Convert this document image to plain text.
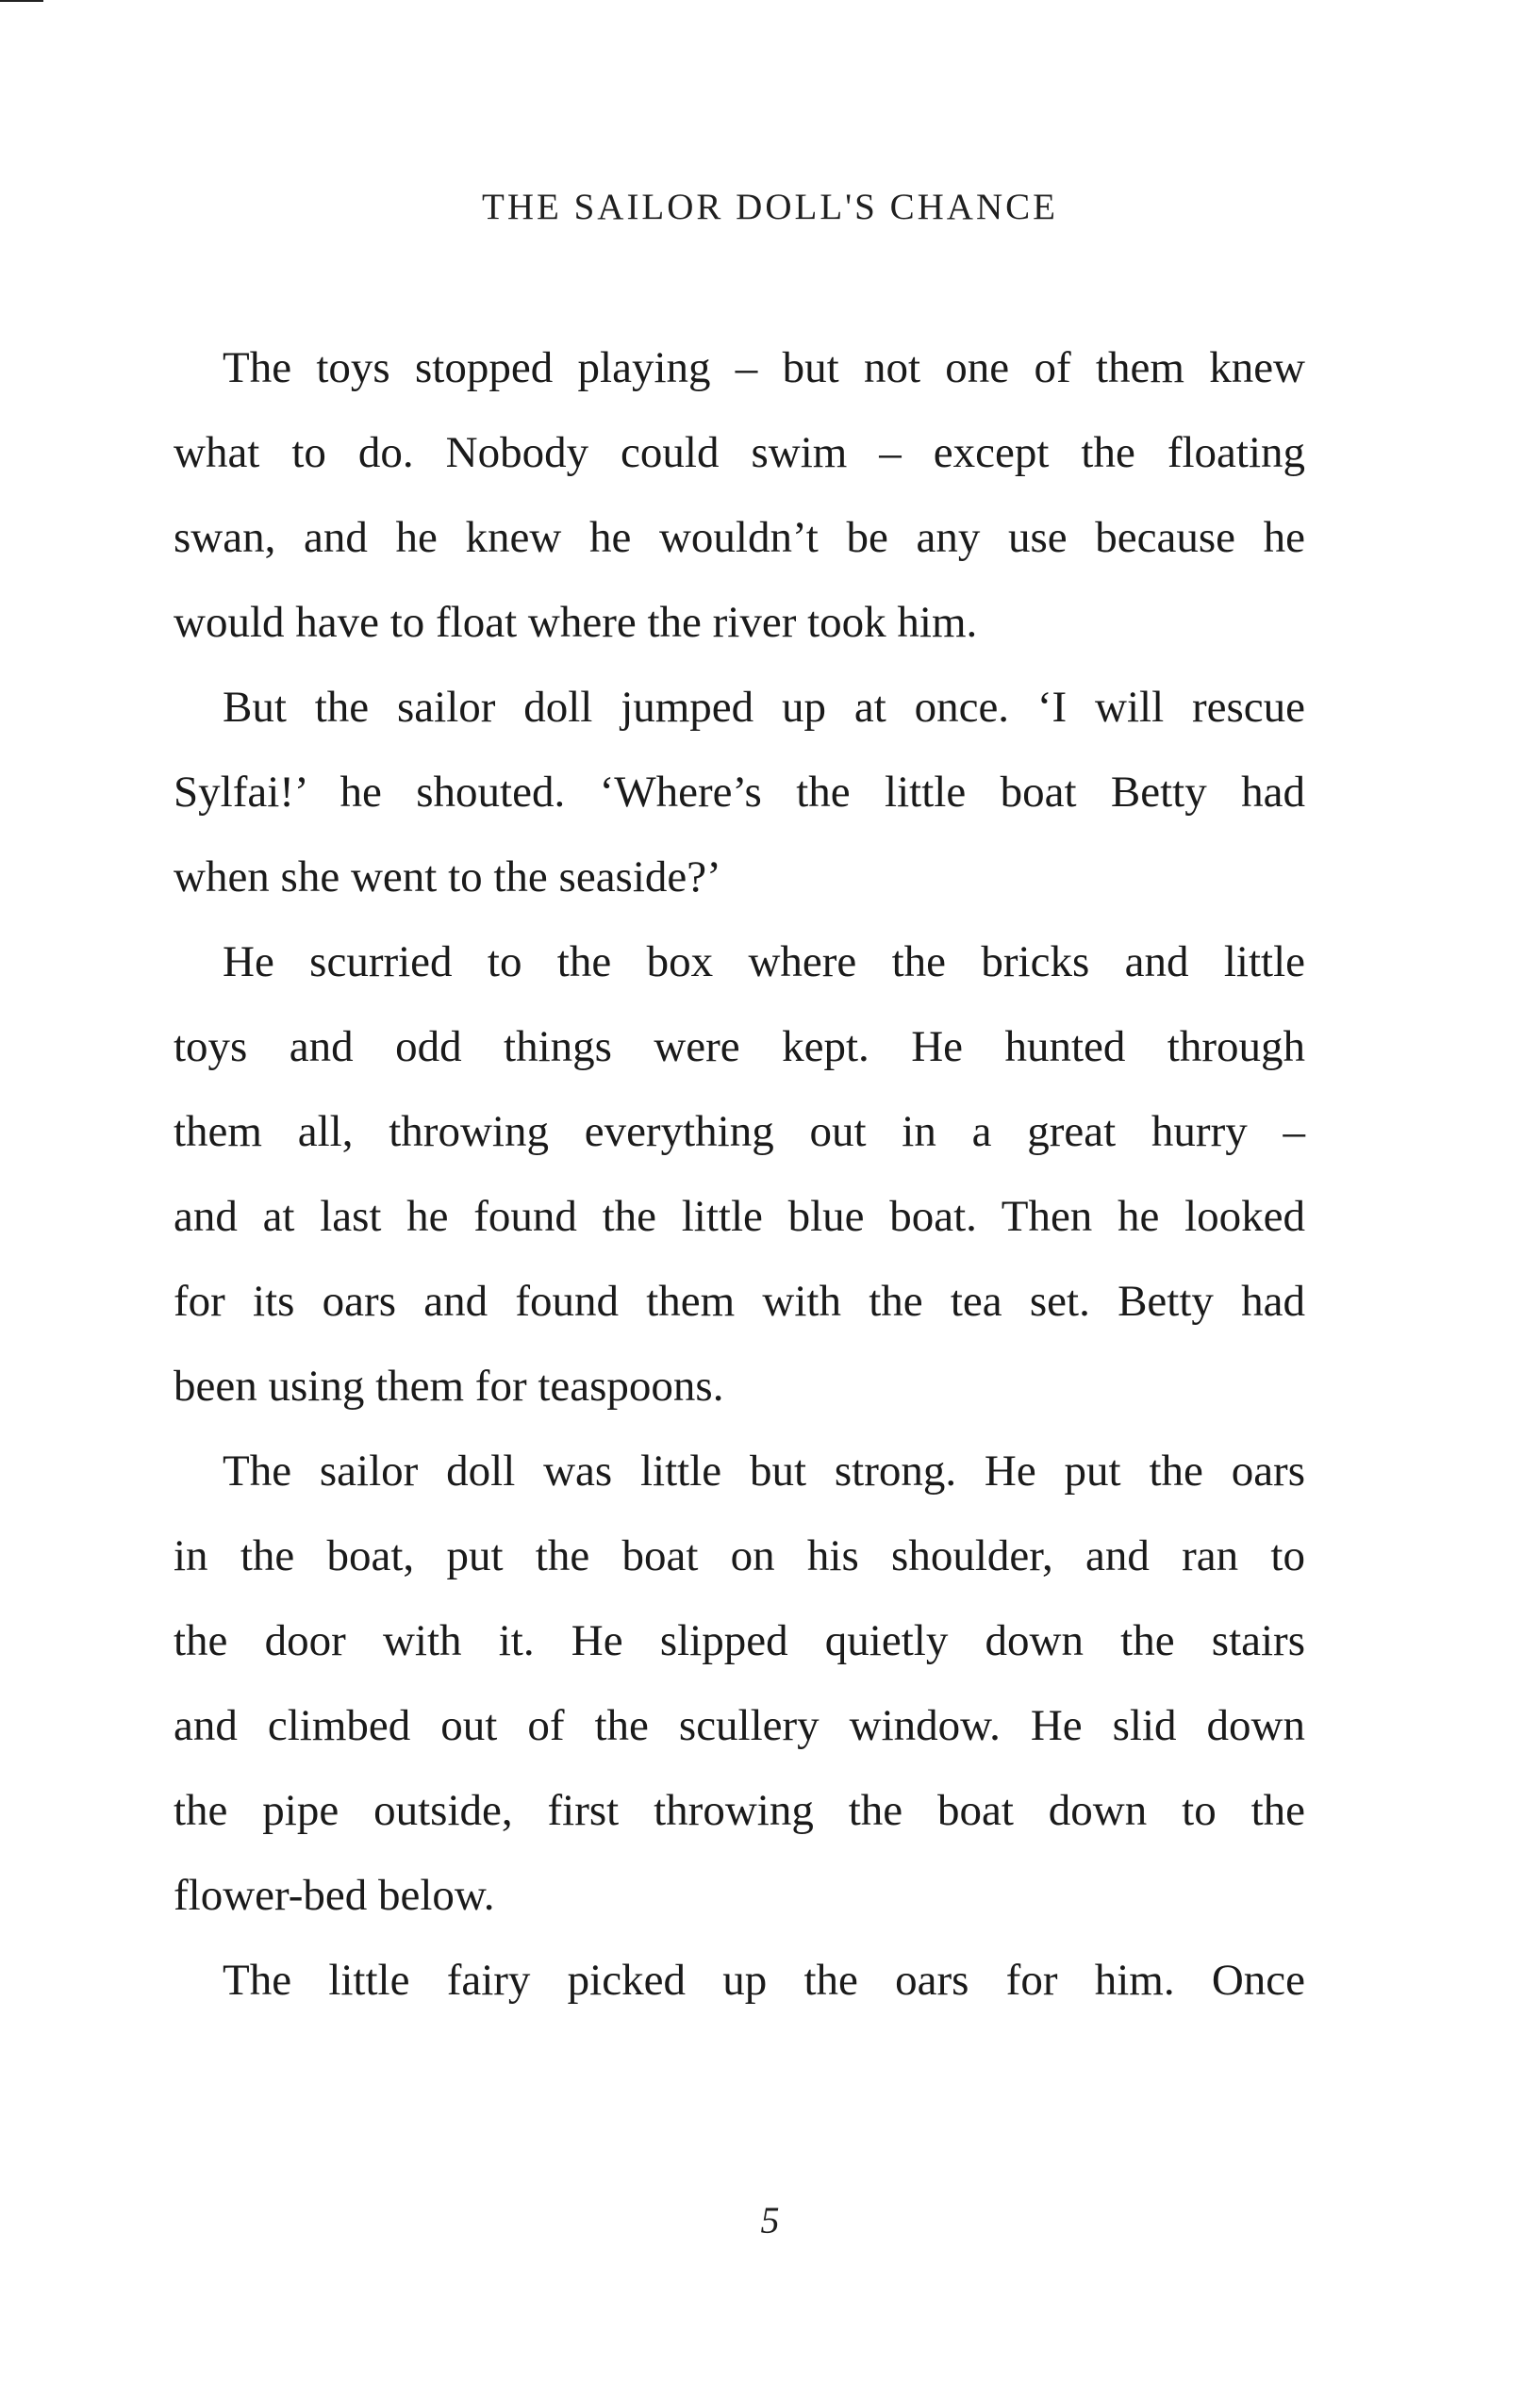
THE SAILOR DOLL'S CHANCE
The toys stopped playing – but not one of them knew
what to do. Nobody could swim – except the floating
swan, and he knew he wouldn’t be any use because he
would have to float where the river took him.
But the sailor doll jumped up at once. ‘I will rescue
Sylfai!’ he shouted. ‘Where’s the little boat Betty had
when she went to the seaside?’
He scurried to the box where the bricks and little
toys and odd things were kept. He hunted through
them all, throwing everything out in a great hurry –
and at last he found the little blue boat. Then he looked
for its oars and found them with the tea set. Betty had
been using them for teaspoons.
The sailor doll was little but strong. He put the oars
in the boat, put the boat on his shoulder, and ran to
the door with it. He slipped quietly down the stairs
and climbed out of the scullery window. He slid down
the pipe outside, first throwing the boat down to the
flower-bed below.
The little fairy picked up the oars for him. Once
5
